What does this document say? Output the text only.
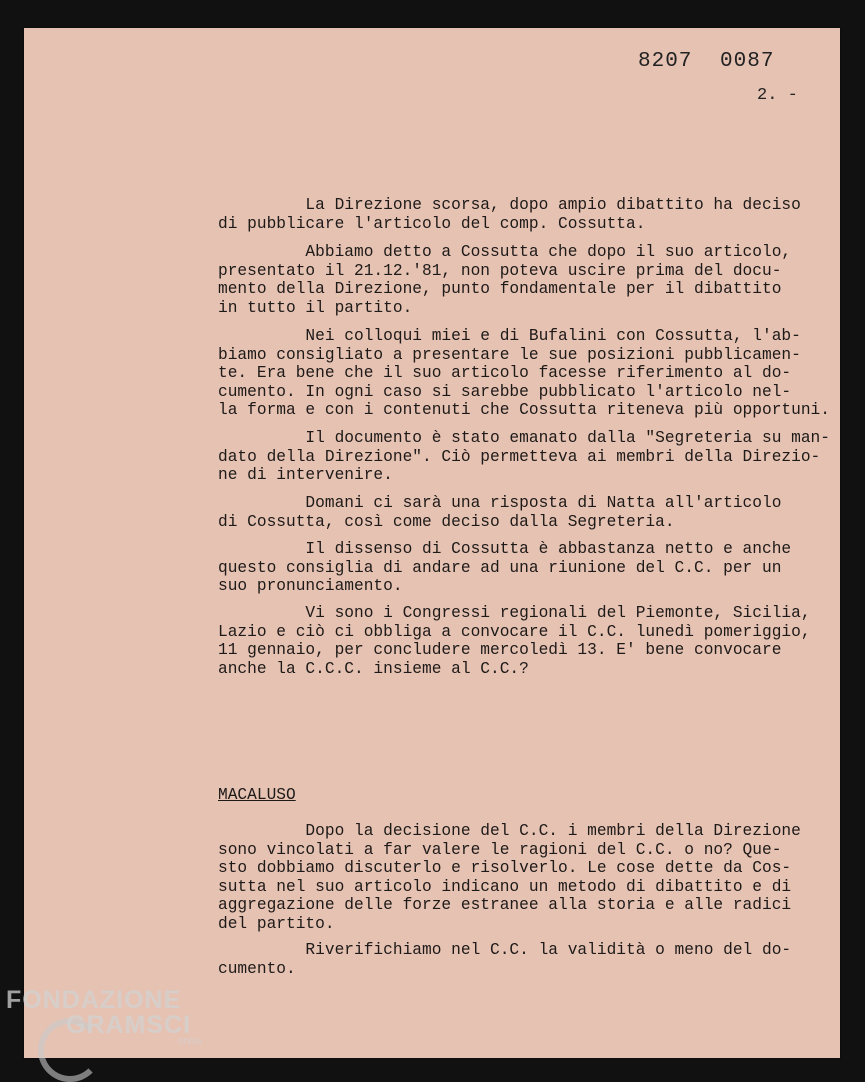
8207 0087
2. -
La Direzione scorsa, dopo ampio dibattito ha deciso
di pubblicare l'articolo del comp. Cossutta.
Abbiamo detto a Cossutta che dopo il suo articolo,
presentato il 21.12.'81, non poteva uscire prima del docu-
mento della Direzione, punto fondamentale per il dibattito
in tutto il partito.
Nei colloqui miei e di Bufalini con Cossutta, l'ab-
biamo consigliato a presentare le sue posizioni pubblicamen-
te. Era bene che il suo articolo facesse riferimento al do-
cumento. In ogni caso si sarebbe pubblicato l'articolo nel-
la forma e con i contenuti che Cossutta riteneva più opportuni.
Il documento è stato emanato dalla "Segreteria su man-
dato della Direzione". Ciò permetteva ai membri della Direzio-
ne di intervenire.
Domani ci sarà una risposta di Natta all'articolo
di Cossutta, così come deciso dalla Segreteria.
Il dissenso di Cossutta è abbastanza netto e anche
questo consiglia di andare ad una riunione del C.C. per un
suo pronunciamento.
Vi sono i Congressi regionali del Piemonte, Sicilia,
Lazio e ciò ci obbliga a convocare il C.C. lunedì pomeriggio,
11 gennaio, per concludere mercoledì 13. E' bene convocare
anche la C.C.C. insieme al C.C.?
MACALUSO
Dopo la decisione del C.C. i membri della Direzione
sono vincolati a far valere le ragioni del C.C. o no? Que-
sto dobbiamo discuterlo e risolverlo. Le cose dette da Cos-
sutta nel suo articolo indicano un metodo di dibattito e di
aggregazione delle forze estranee alla storia e alle radici
del partito.
Riverifichiamo nel C.C. la validità o meno del do-
cumento.
FONDAZIONE
GRAMSCI
onlus
